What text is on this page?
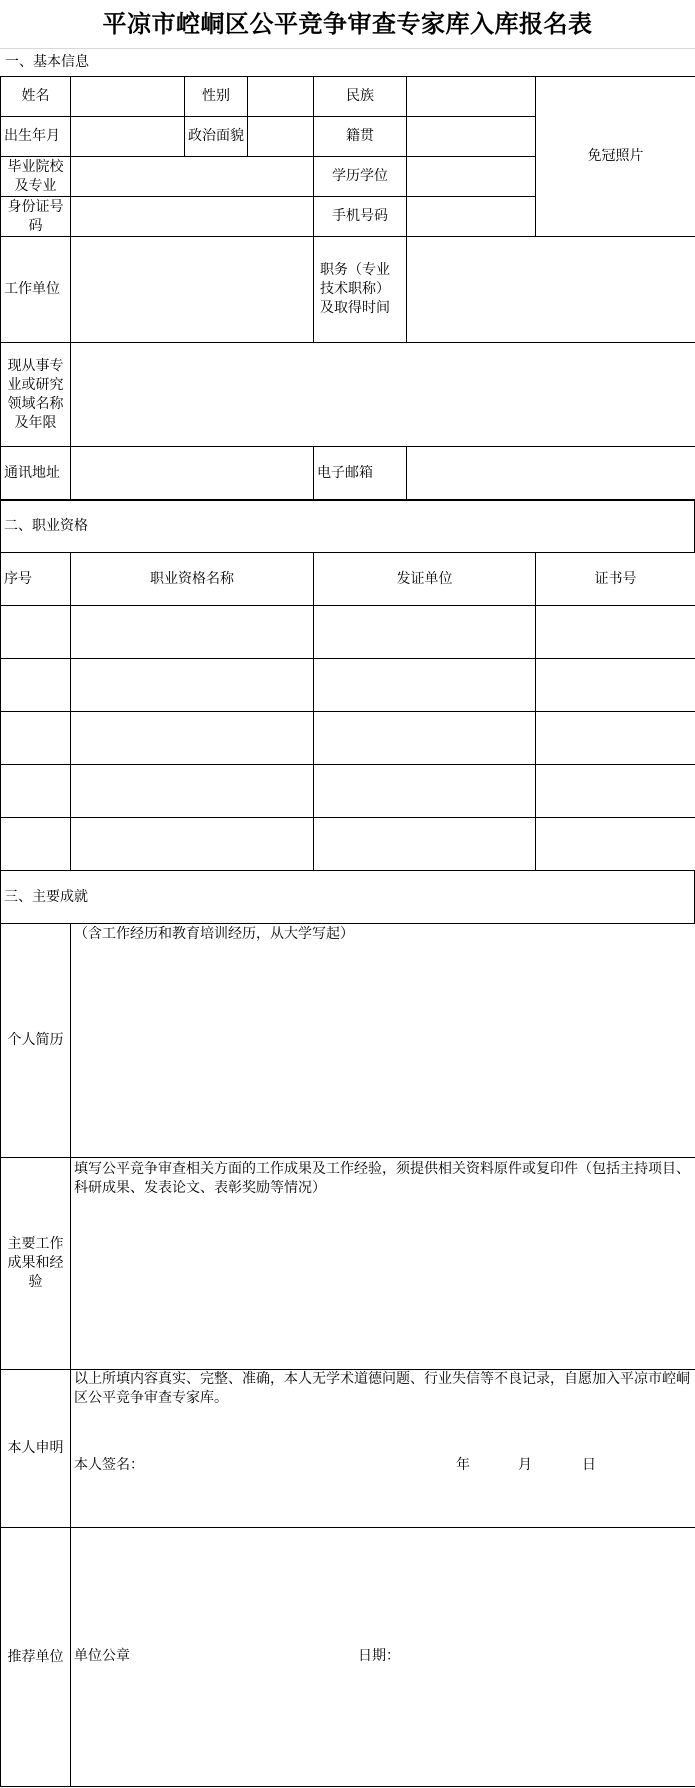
平凉市崆峒区公平竞争审查专家库入库报名表
一、基本信息
姓名		性别		民族		免冠照片
出生年月		政治面貌		籍贯		
毕业院校及专业				学历学位		
身份证号码				手机号码		
工作单位				职务（专业技术职称）及取得时间		
现从事专业或研究领域名称及年限						
通讯地址				电子邮箱		
二、职业资格
序号	职业资格名称	发证单位	证书号

三、主要成就
个人简历	（含工作经历和教育培训经历，从大学写起）

主要工作成果和经验	填写公平竞争审查相关方面的工作成果及工作经验，须提供相关资料原件或复印件（包括主持项目、科研成果、发表论文、表彰奖励等情况）

本人申明	以上所填内容真实、完整、准确，本人无学术道德问题、行业失信等不良记录，自愿加入平凉市崆峒区公平竞争审查专家库。
本人签名： 年 月 日

推荐单位	单位公章 日期：
